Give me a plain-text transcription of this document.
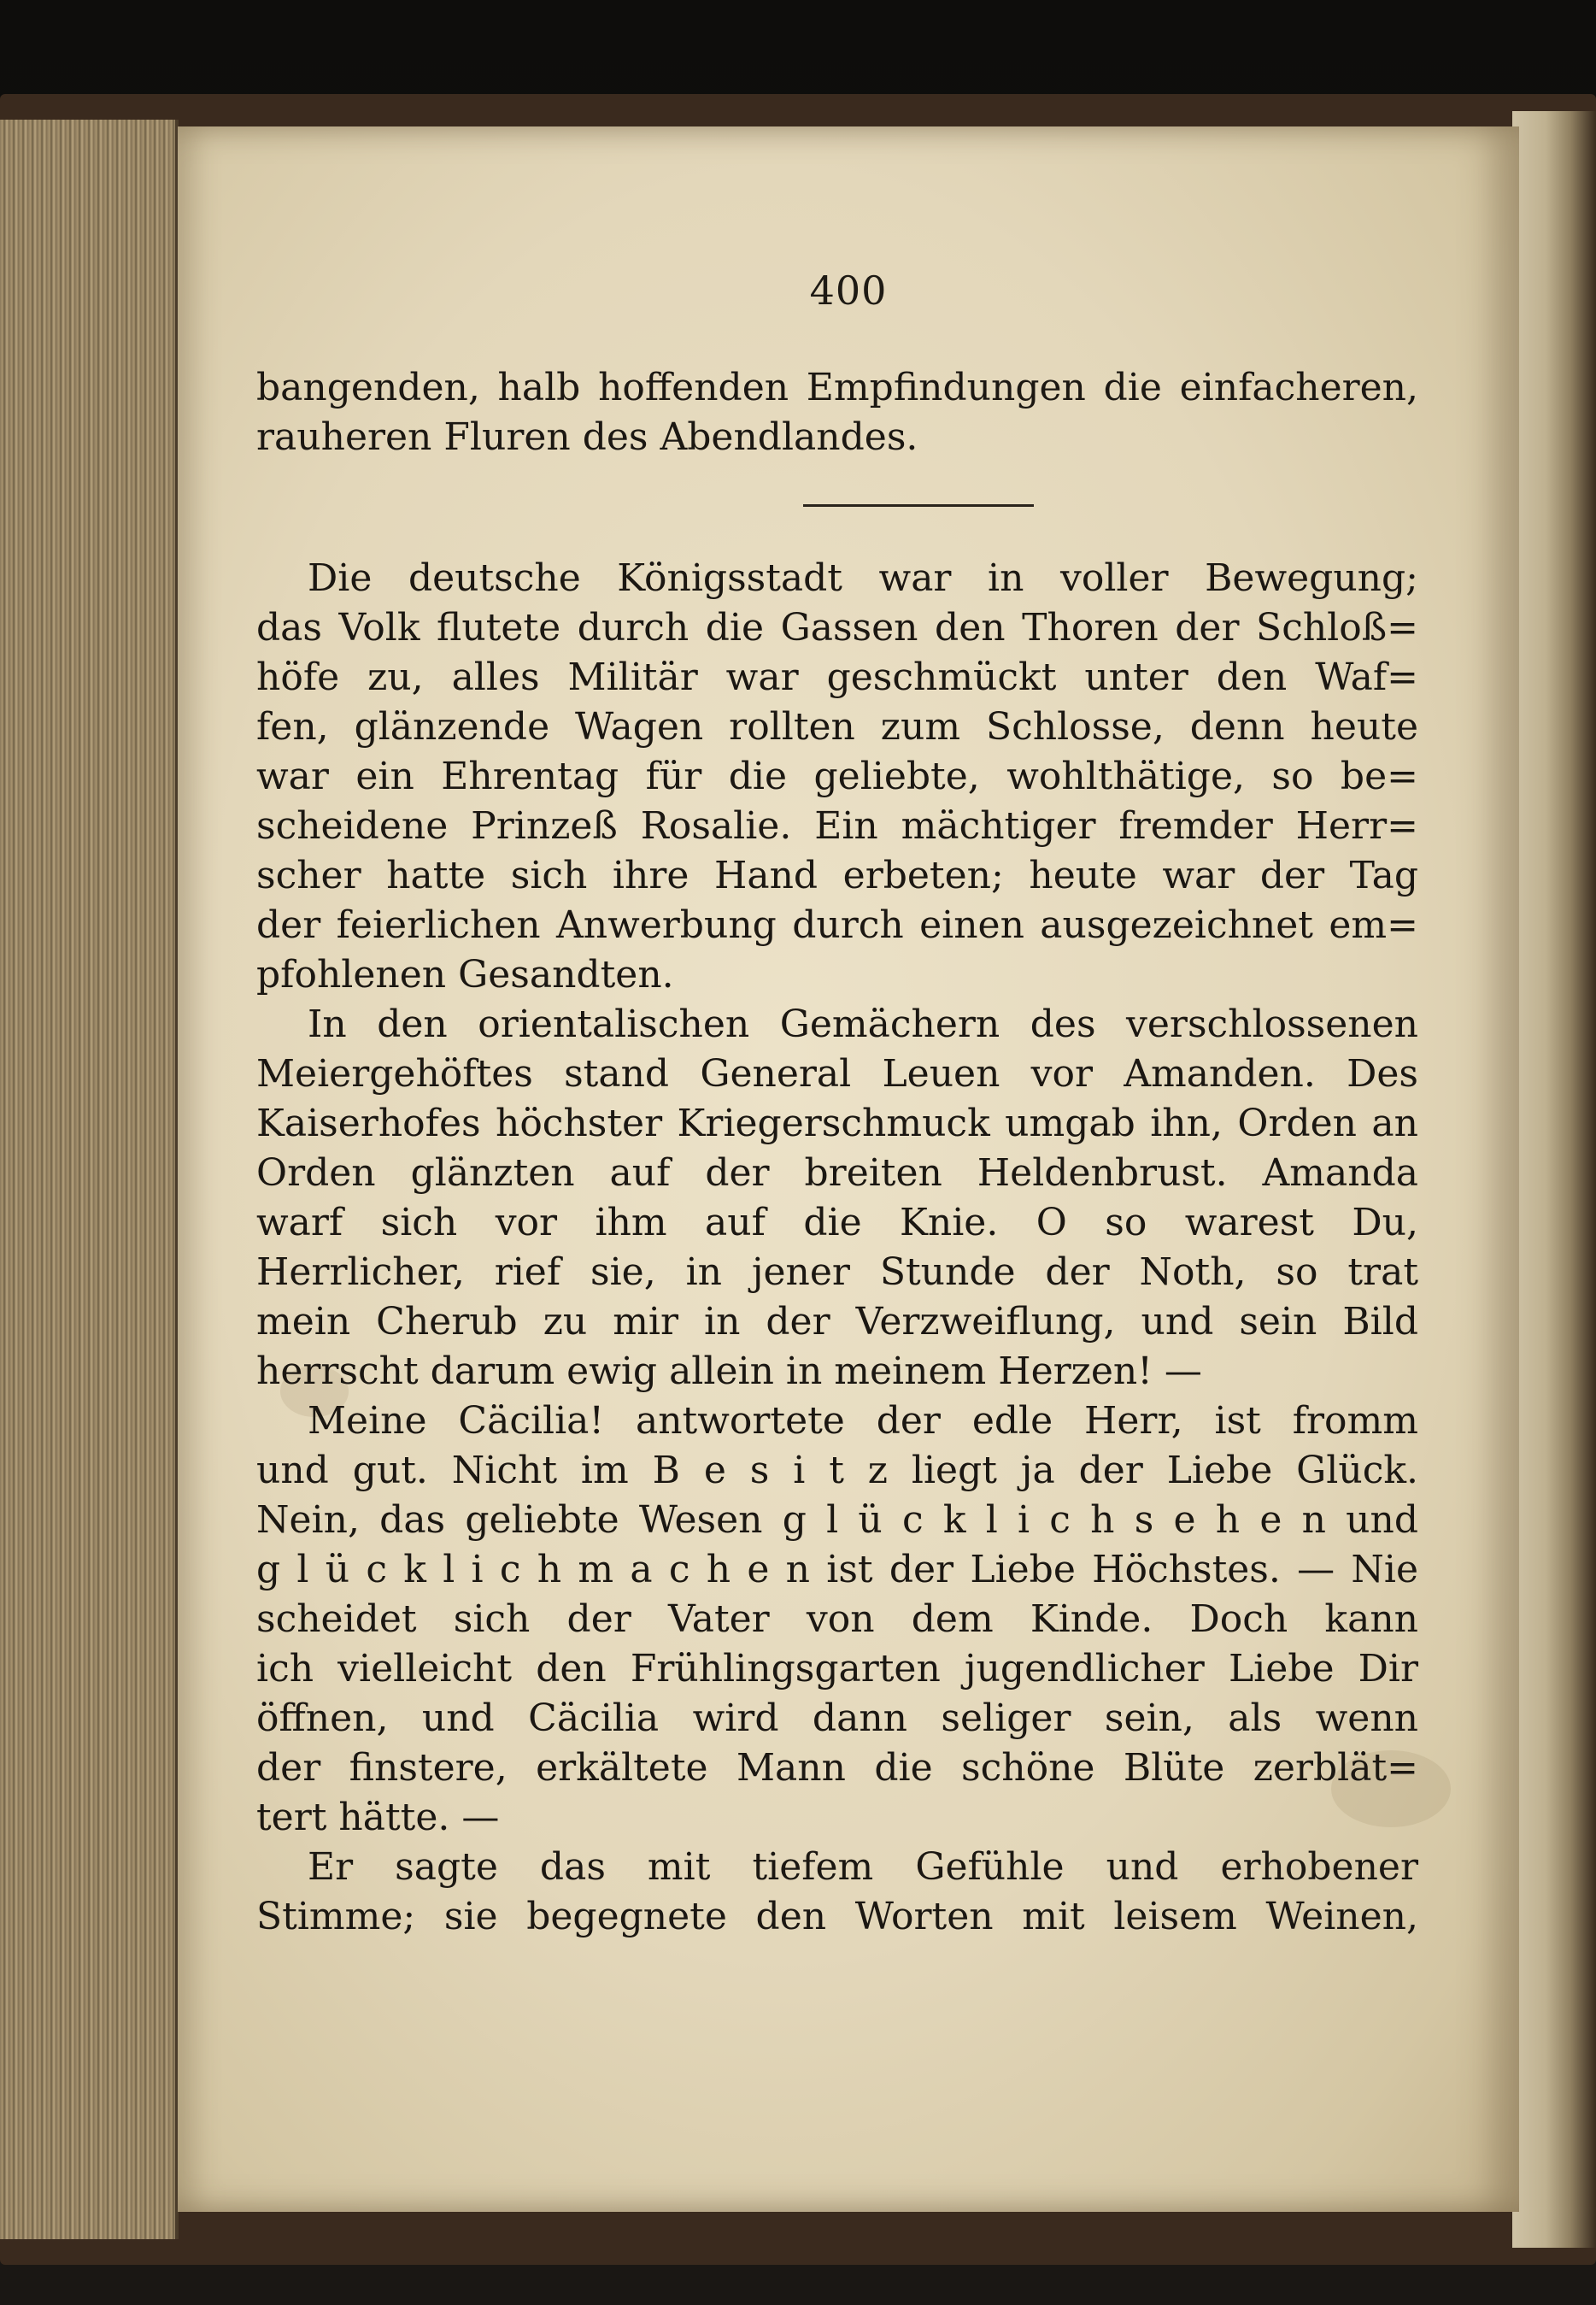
400
bangenden, halb hoffenden Empfindungen die einfacheren,
rauheren Fluren des Abendlandes.
Die deutsche Königsstadt war in voller Bewegung;
das Volk flutete durch die Gassen den Thoren der Schloß=
höfe zu, alles Militär war geschmückt unter den Waf=
fen, glänzende Wagen rollten zum Schlosse, denn heute
war ein Ehrentag für die geliebte, wohlthätige, so be=
scheidene Prinzeß Rosalie. Ein mächtiger fremder Herr=
scher hatte sich ihre Hand erbeten; heute war der Tag
der feierlichen Anwerbung durch einen ausgezeichnet em=
pfohlenen Gesandten.
In den orientalischen Gemächern des verschlossenen
Meiergehöftes stand General Leuen vor Amanden. Des
Kaiserhofes höchster Kriegerschmuck umgab ihn, Orden an
Orden glänzten auf der breiten Heldenbrust. Amanda
warf sich vor ihm auf die Knie. O so warest Du,
Herrlicher, rief sie, in jener Stunde der Noth, so trat
mein Cherub zu mir in der Verzweiflung, und sein Bild
herrscht darum ewig allein in meinem Herzen! —
Meine Cäcilia! antwortete der edle Herr, ist fromm
und gut. Nicht im B e s i t z liegt ja der Liebe Glück.
Nein, das geliebte Wesen g l ü c k l i c h s e h e n und
g l ü c k l i c h m a c h e n ist der Liebe Höchstes. — Nie
scheidet sich der Vater von dem Kinde. Doch kann
ich vielleicht den Frühlingsgarten jugendlicher Liebe Dir
öffnen, und Cäcilia wird dann seliger sein, als wenn
der finstere, erkältete Mann die schöne Blüte zerblät=
tert hätte. —
Er sagte das mit tiefem Gefühle und erhobener
Stimme; sie begegnete den Worten mit leisem Weinen,
